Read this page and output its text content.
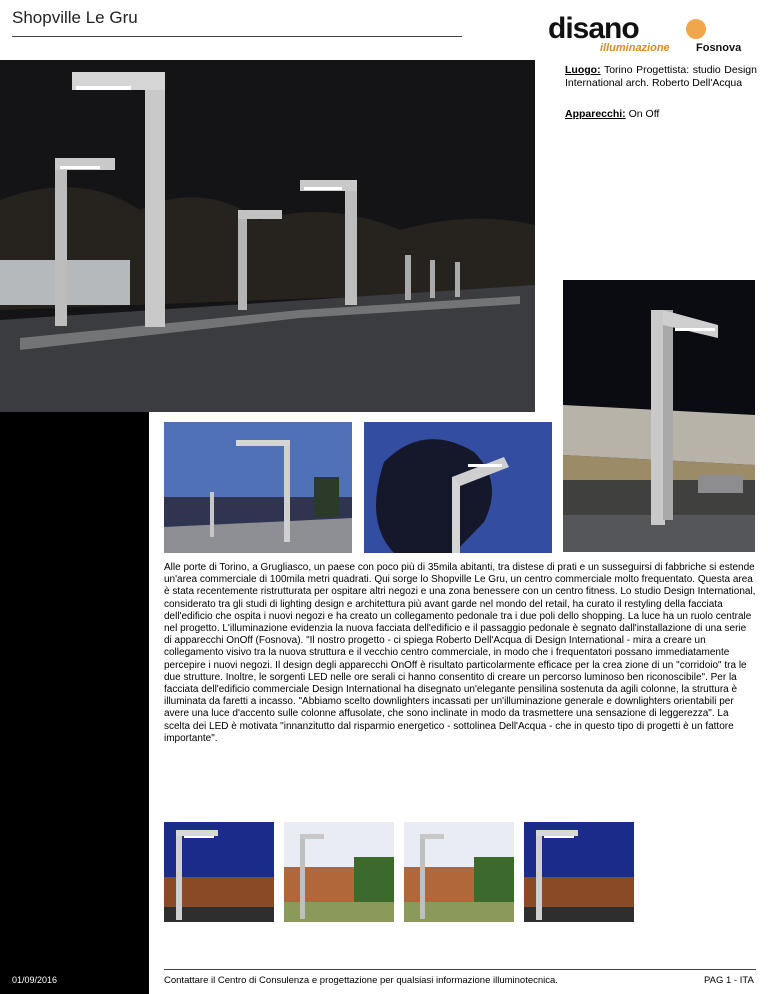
Shopville Le Gru	disano
illuminazione Fosnova
Luogo: Torino Progettista: studio Design International arch. Roberto Dell'Acqua
Apparecchi: On Off
Alle porte di Torino, a Grugliasco, un paese con poco più di 35mila abitanti, tra distese di prati e un susseguirsi di fabbriche si estende un'area commerciale di 100mila metri quadrati. Qui sorge lo Shopville Le Gru, un centro commerciale molto frequentato. Questa area è stata recentemente ristrutturata per ospitare altri negozi e una zona benessere con un centro fitness. Lo studio Design International, considerato tra gli studi di lighting design e architettura più avant garde nel mondo del retail, ha curato il restyling della facciata dell'edificio che ospita i nuovi negozi e ha creato un collegamento pedonale tra i due poli dello shopping. La luce ha un ruolo centrale nel progetto. L'illuminazione evidenzia la nuova facciata dell'edificio e il passaggio pedonale è segnato dall'installazione di una serie di apparecchi OnOff (Fosnova). "Il nostro progetto - ci spiega Roberto Dell'Acqua di Design International - mira a creare un collegamento visivo tra la nuova struttura e il vecchio centro commerciale, in modo che i frequentatori possano immediatamente percepire i nuovi negozi. Il design degli apparecchi OnOff è risultato particolarmente efficace per la crea zione di un "corridoio" tra le due strutture. Inoltre, le sorgenti LED nelle ore serali ci hanno consentito di creare un percorso luminoso ben riconoscibile". Per la facciata dell'edificio commerciale Design International ha disegnato un'elegante pensilina sostenuta da agili colonne, la struttura è illuminata da faretti a incasso. "Abbiamo scelto downlighters incassati per un'illuminazione generale e downlighters orientabili per avere una luce d'accento sulle colonne affusolate, che sono inclinate in modo da trasmettere una sensazione di leggerezza". La scelta dei LED è motivata "innanzitutto dal risparmio energetico - sottolinea Dell'Acqua - che in questo tipo di progetti è un fattore importante".
OnOff M - pedonale	OnOff L - pedonale	OnOff L - diffondente	OnOff M - diffondente
01/09/2016	Contattare il Centro di Consulenza e progettazione per qualsiasi informazione illuminotecnica.	PAG 1 - ITA
